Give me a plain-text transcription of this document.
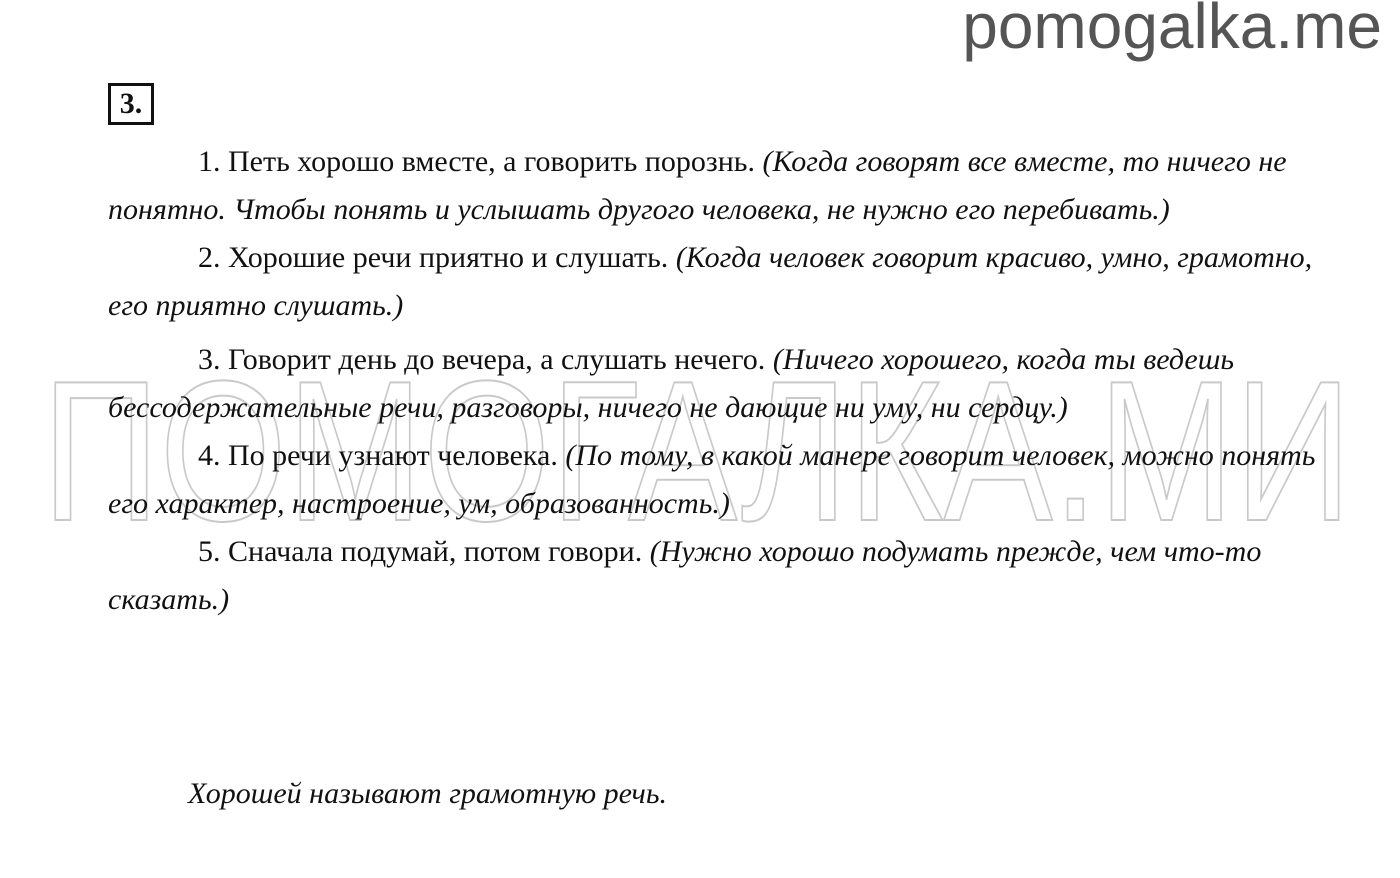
pomogalka.me
ПОМОГАЛКА.МИ
3.

1. Петь хорошо вместе, а говорить порознь. (Когда говорят все вместе, то ничего не понятно. Чтобы понять и услышать другого человека, не нужно его перебивать.)

2. Хорошие речи приятно и слушать. (Когда человек говорит красиво, умно, грамотно, его приятно слушать.)

3. Говорит день до вечера, а слушать нечего. (Ничего хорошего, когда ты ведешь бессодержательные речи, разговоры, ничего не дающие ни уму, ни сердцу.)

4. По речи узнают человека. (По тому, в какой манере говорит человек, можно понять его характер, настроение, ум, образованность.)

5. Сначала подумай, потом говори. (Нужно хорошо подумать прежде, чем что-то сказать.)

Хорошей называют грамотную речь.
